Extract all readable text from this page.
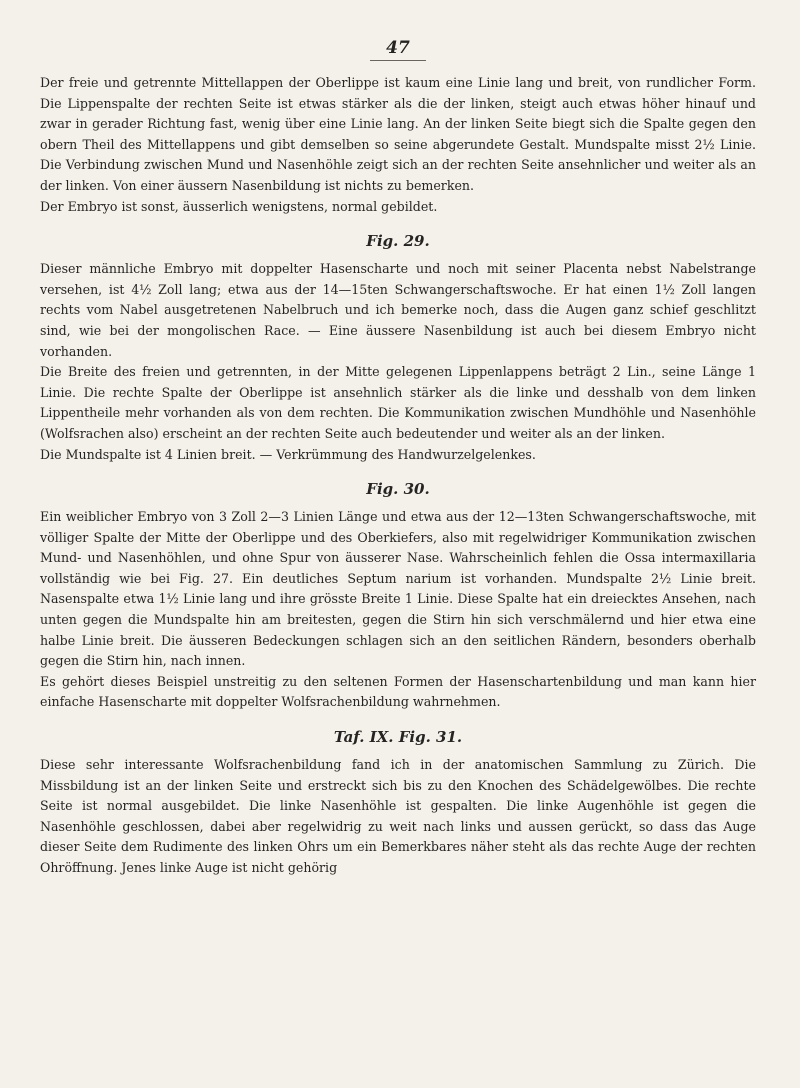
47

Der freie und getrennte Mittellappen der Oberlippe ist kaum eine Linie lang und breit, von rundlicher Form. Die Lippenspalte der rechten Seite ist etwas stärker als die der linken, steigt auch etwas höher hinauf und zwar in gerader Richtung fast, wenig über eine Linie lang. An der linken Seite biegt sich die Spalte gegen den obern Theil des Mittellappens und gibt demselben so seine abgerundete Gestalt. Mundspalte misst 2½ Linie. Die Verbindung zwischen Mund und Nasenhöhle zeigt sich an der rechten Seite ansehnlicher und weiter als an der linken. Von einer äussern Nasenbildung ist nichts zu bemerken.

Der Embryo ist sonst, äusserlich wenigstens, normal gebildet.

Fig. 29.

Dieser männliche Embryo mit doppelter Hasenscharte und noch mit seiner Placenta nebst Nabelstrange versehen, ist 4½ Zoll lang; etwa aus der 14—15ten Schwangerschaftswoche. Er hat einen 1½ Zoll langen rechts vom Nabel ausgetretenen Nabelbruch und ich bemerke noch, dass die Augen ganz schief geschlitzt sind, wie bei der mongolischen Race. — Eine äussere Nasenbildung ist auch bei diesem Embryo nicht vorhanden.

Die Breite des freien und getrennten, in der Mitte gelegenen Lippenlappens beträgt 2 Lin., seine Länge 1 Linie. Die rechte Spalte der Oberlippe ist ansehnlich stärker als die linke und desshalb von dem linken Lippentheile mehr vorhanden als von dem rechten. Die Kommunikation zwischen Mundhöhle und Nasenhöhle (Wolfsrachen also) erscheint an der rechten Seite auch bedeutender und weiter als an der linken.

Die Mundspalte ist 4 Linien breit. — Verkrümmung des Handwurzelgelenkes.

Fig. 30.

Ein weiblicher Embryo von 3 Zoll 2—3 Linien Länge und etwa aus der 12—13ten Schwangerschaftswoche, mit völliger Spalte der Mitte der Oberlippe und des Oberkiefers, also mit regelwidriger Kommunikation zwischen Mund- und Nasenhöhlen, und ohne Spur von äusserer Nase. Wahrscheinlich fehlen die Ossa intermaxillaria vollständig wie bei Fig. 27. Ein deutliches Septum narium ist vorhanden. Mundspalte 2½ Linie breit. Nasenspalte etwa 1½ Linie lang und ihre grösste Breite 1 Linie. Diese Spalte hat ein dreiecktes Ansehen, nach unten gegen die Mundspalte hin am breitesten, gegen die Stirn hin sich verschmälernd und hier etwa eine halbe Linie breit. Die äusseren Bedeckungen schlagen sich an den seitlichen Rändern, besonders oberhalb gegen die Stirn hin, nach innen.

Es gehört dieses Beispiel unstreitig zu den seltenen Formen der Hasenschartenbildung und man kann hier einfache Hasenscharte mit doppelter Wolfsrachenbildung wahrnehmen.

Taf. IX. Fig. 31.

Diese sehr interessante Wolfsrachenbildung fand ich in der anatomischen Sammlung zu Zürich. Die Missbildung ist an der linken Seite und erstreckt sich bis zu den Knochen des Schädelgewölbes. Die rechte Seite ist normal ausgebildet. Die linke Nasenhöhle ist gespalten. Die linke Augenhöhle ist gegen die Nasenhöhle geschlossen, dabei aber regelwidrig zu weit nach links und aussen gerückt, so dass das Auge dieser Seite dem Rudimente des linken Ohrs um ein Bemerkbares näher steht als das rechte Auge der rechten Ohröffnung. Jenes linke Auge ist nicht gehörig
